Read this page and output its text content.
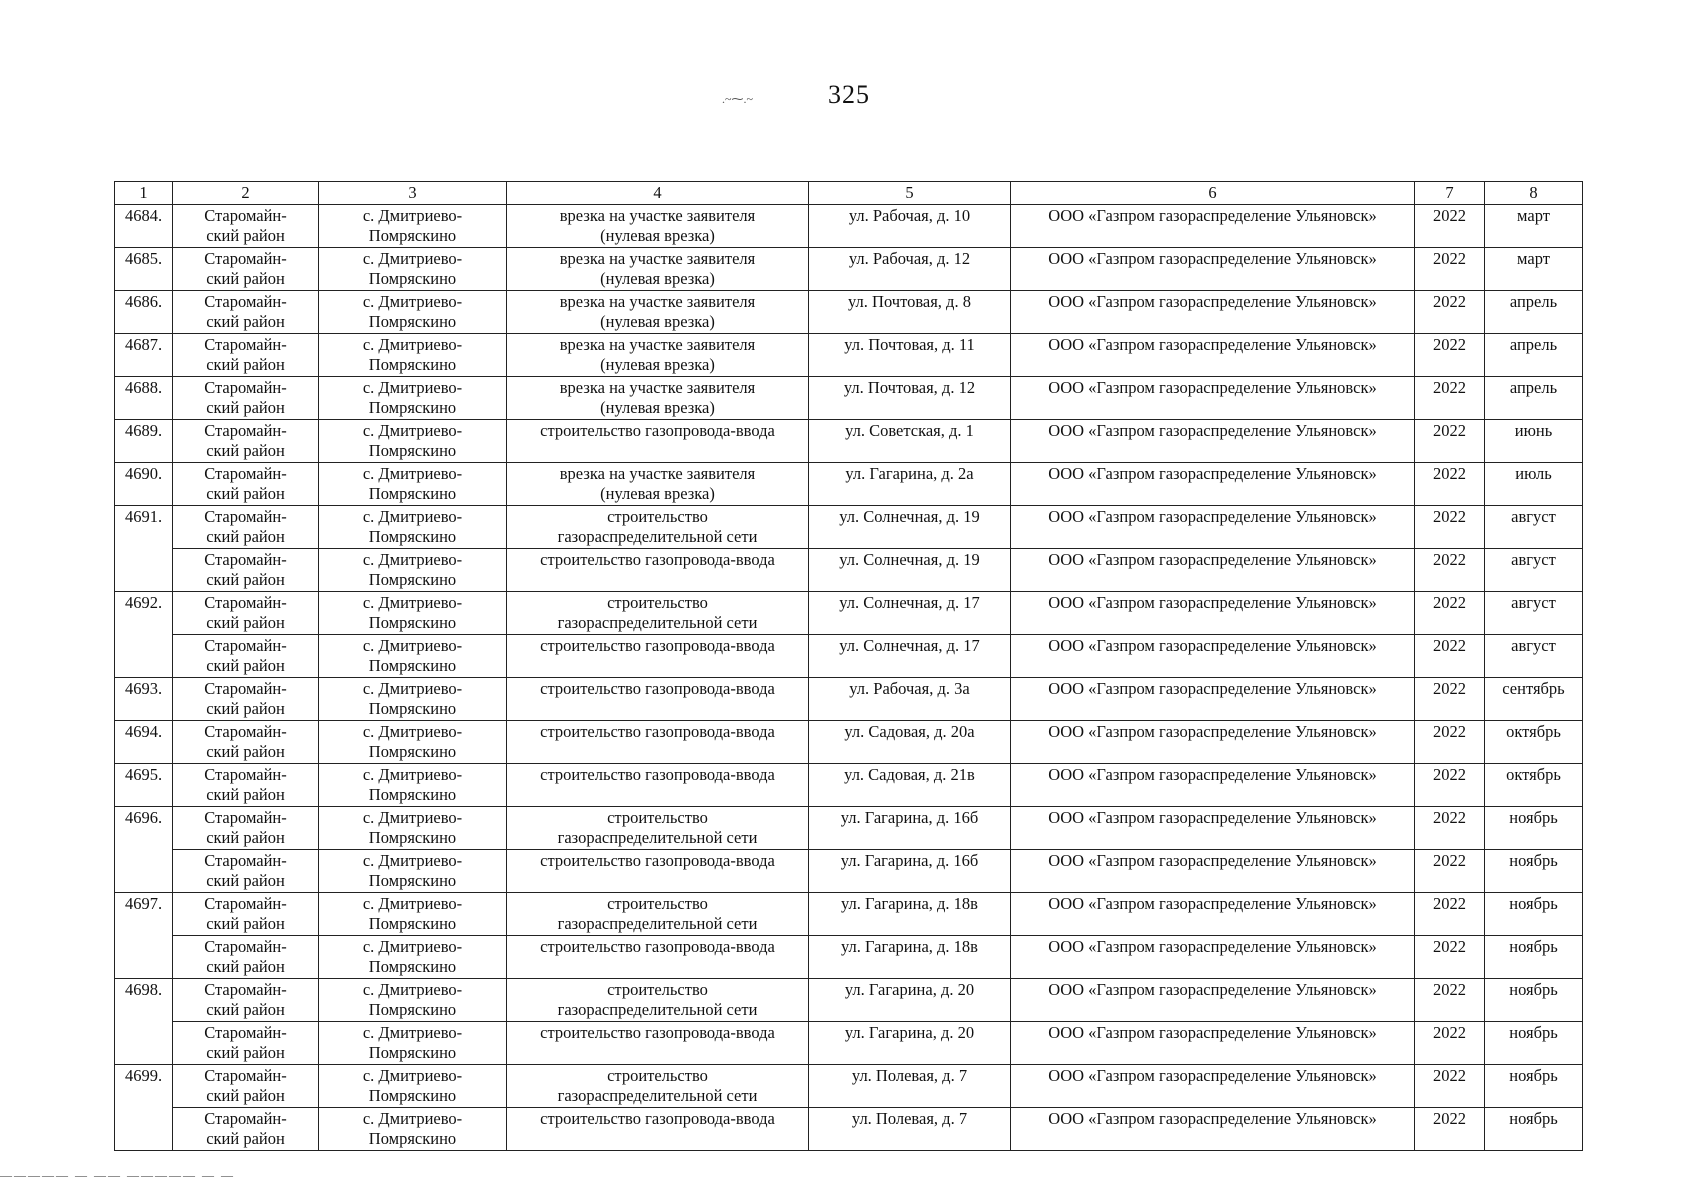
325
.~⁓.~
————— — —— ————— — —
1	2	3	4	5	6	7	8
4684.	Старомайн-
ский район	с. Дмитриево-
Помряскино	врезка на участке заявителя
(нулевая врезка)	ул. Рабочая, д. 10	ООО «Газпром газораспределение Ульяновск»	2022	март
4685.	Старомайн-
ский район	с. Дмитриево-
Помряскино	врезка на участке заявителя
(нулевая врезка)	ул. Рабочая, д. 12	ООО «Газпром газораспределение Ульяновск»	2022	март
4686.	Старомайн-
ский район	с. Дмитриево-
Помряскино	врезка на участке заявителя
(нулевая врезка)	ул. Почтовая, д. 8	ООО «Газпром газораспределение Ульяновск»	2022	апрель
4687.	Старомайн-
ский район	с. Дмитриево-
Помряскино	врезка на участке заявителя
(нулевая врезка)	ул. Почтовая, д. 11	ООО «Газпром газораспределение Ульяновск»	2022	апрель
4688.	Старомайн-
ский район	с. Дмитриево-
Помряскино	врезка на участке заявителя
(нулевая врезка)	ул. Почтовая, д. 12	ООО «Газпром газораспределение Ульяновск»	2022	апрель
4689.	Старомайн-
ский район	с. Дмитриево-
Помряскино	строительство газопровода-ввода	ул. Советская, д. 1	ООО «Газпром газораспределение Ульяновск»	2022	июнь
4690.	Старомайн-
ский район	с. Дмитриево-
Помряскино	врезка на участке заявителя
(нулевая врезка)	ул. Гагарина, д. 2а	ООО «Газпром газораспределение Ульяновск»	2022	июль
4691.	Старомайн-
ский район	с. Дмитриево-
Помряскино	строительство
газораспределительной сети	ул. Солнечная, д. 19	ООО «Газпром газораспределение Ульяновск»	2022	август
	Старомайн-
ский район	с. Дмитриево-
Помряскино	строительство газопровода-ввода	ул. Солнечная, д. 19	ООО «Газпром газораспределение Ульяновск»	2022	август
4692.	Старомайн-
ский район	с. Дмитриево-
Помряскино	строительство
газораспределительной сети	ул. Солнечная, д. 17	ООО «Газпром газораспределение Ульяновск»	2022	август
	Старомайн-
ский район	с. Дмитриево-
Помряскино	строительство газопровода-ввода	ул. Солнечная, д. 17	ООО «Газпром газораспределение Ульяновск»	2022	август
4693.	Старомайн-
ский район	с. Дмитриево-
Помряскино	строительство газопровода-ввода	ул. Рабочая, д. 3а	ООО «Газпром газораспределение Ульяновск»	2022	сентябрь
4694.	Старомайн-
ский район	с. Дмитриево-
Помряскино	строительство газопровода-ввода	ул. Садовая, д. 20а	ООО «Газпром газораспределение Ульяновск»	2022	октябрь
4695.	Старомайн-
ский район	с. Дмитриево-
Помряскино	строительство газопровода-ввода	ул. Садовая, д. 21в	ООО «Газпром газораспределение Ульяновск»	2022	октябрь
4696.	Старомайн-
ский район	с. Дмитриево-
Помряскино	строительство
газораспределительной сети	ул. Гагарина, д. 16б	ООО «Газпром газораспределение Ульяновск»	2022	ноябрь
	Старомайн-
ский район	с. Дмитриево-
Помряскино	строительство газопровода-ввода	ул. Гагарина, д. 16б	ООО «Газпром газораспределение Ульяновск»	2022	ноябрь
4697.	Старомайн-
ский район	с. Дмитриево-
Помряскино	строительство
газораспределительной сети	ул. Гагарина, д. 18в	ООО «Газпром газораспределение Ульяновск»	2022	ноябрь
	Старомайн-
ский район	с. Дмитриево-
Помряскино	строительство газопровода-ввода	ул. Гагарина, д. 18в	ООО «Газпром газораспределение Ульяновск»	2022	ноябрь
4698.	Старомайн-
ский район	с. Дмитриево-
Помряскино	строительство
газораспределительной сети	ул. Гагарина, д. 20	ООО «Газпром газораспределение Ульяновск»	2022	ноябрь
	Старомайн-
ский район	с. Дмитриево-
Помряскино	строительство газопровода-ввода	ул. Гагарина, д. 20	ООО «Газпром газораспределение Ульяновск»	2022	ноябрь
4699.	Старомайн-
ский район	с. Дмитриево-
Помряскино	строительство
газораспределительной сети	ул. Полевая, д. 7	ООО «Газпром газораспределение Ульяновск»	2022	ноябрь
	Старомайн-
ский район	с. Дмитриево-
Помряскино	строительство газопровода-ввода	ул. Полевая, д. 7	ООО «Газпром газораспределение Ульяновск»	2022	ноябрь
